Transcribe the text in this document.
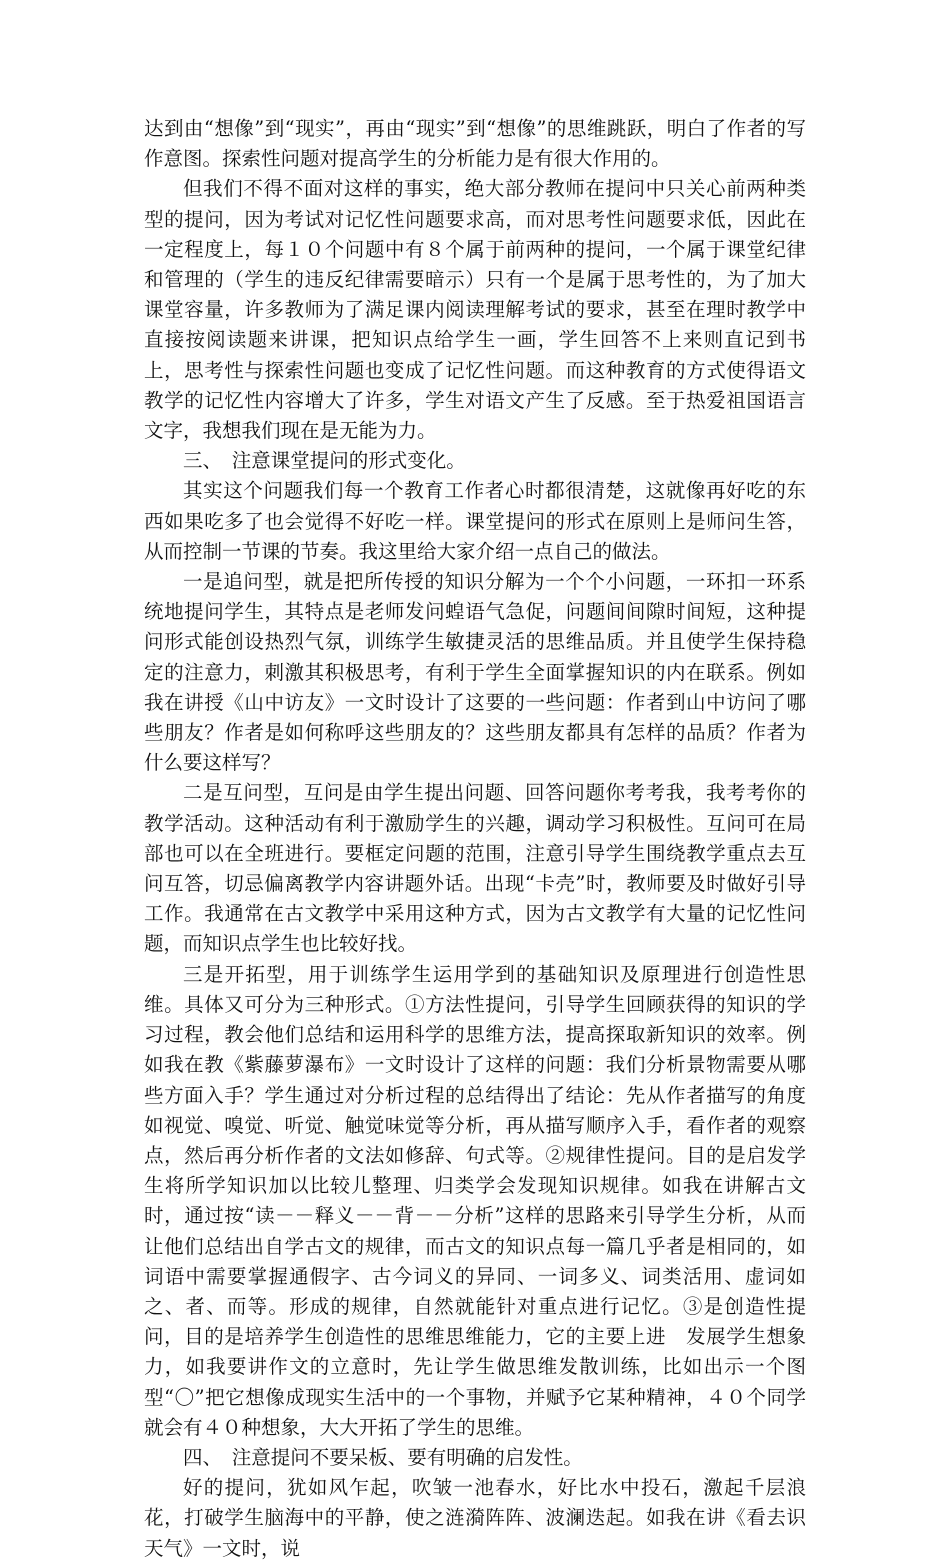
达到由“想像”到“现实”，再由“现实”到“想像”的思维跳跃，明白了作者的写作意图。探索性问题对提高学生的分析能力是有很大作用的。

但我们不得不面对这样的事实，绝大部分教师在提问中只关心前两种类型的提问，因为考试对记忆性问题要求高，而对思考性问题要求低，因此在一定程度上，每１０个问题中有８个属于前两种的提问，一个属于课堂纪律和管理的（学生的违反纪律需要暗示）只有一个是属于思考性的，为了加大课堂容量，许多教师为了满足课内阅读理解考试的要求，甚至在理时教学中直接按阅读题来讲课，把知识点给学生一画，学生回答不上来则直记到书上，思考性与探索性问题也变成了记忆性问题。而这种教育的方式使得语文教学的记忆性内容增大了许多，学生对语文产生了反感。至于热爱祖国语言文字，我想我们现在是无能为力。

三、　注意课堂提问的形式变化。

其实这个问题我们每一个教育工作者心时都很清楚，这就像再好吃的东西如果吃多了也会觉得不好吃一样。课堂提问的形式在原则上是师问生答，从而控制一节课的节奏。我这里给大家介绍一点自己的做法。

一是追问型，就是把所传授的知识分解为一个个小问题，一环扣一环系统地提问学生，其特点是老师发问蝗语气急促，问题间间隙时间短，这种提问形式能创设热烈气氛，训练学生敏捷灵活的思维品质。并且使学生保持稳定的注意力，刺激其积极思考，有利于学生全面掌握知识的内在联系。例如我在讲授《山中访友》一文时设计了这要的一些问题：作者到山中访问了哪些朋友？作者是如何称呼这些朋友的？这些朋友都具有怎样的品质？作者为什么要这样写？

二是互问型，互问是由学生提出问题、回答问题你考考我，我考考你的教学活动。这种活动有利于激励学生的兴趣，调动学习积极性。互问可在局部也可以在全班进行。要框定问题的范围，注意引导学生围绕教学重点去互问互答，切忌偏离教学内容讲题外话。出现“卡壳”时，教师要及时做好引导工作。我通常在古文教学中采用这种方式，因为古文教学有大量的记忆性问题，而知识点学生也比较好找。

三是开拓型，用于训练学生运用学到的基础知识及原理进行创造性思维。具体又可分为三种形式。①方法性提问，引导学生回顾获得的知识的学习过程，教会他们总结和运用科学的思维方法，提高探取新知识的效率。例如我在教《紫藤萝瀑布》一文时设计了这样的问题：我们分析景物需要从哪些方面入手？学生通过对分析过程的总结得出了结论：先从作者描写的角度如视觉、嗅觉、听觉、触觉味觉等分析，再从描写顺序入手，看作者的观察点，然后再分析作者的文法如修辞、句式等。②规律性提问。目的是启发学生将所学知识加以比较儿整理、归类学会发现知识规律。如我在讲解古文时，通过按“读－－释义－－背－－分析”这样的思路来引导学生分析，从而让他们总结出自学古文的规律，而古文的知识点每一篇几乎者是相同的，如词语中需要掌握通假字、古今词义的异同、一词多义、词类活用、虚词如之、者、而等。形成的规律，自然就能针对重点进行记忆。③是创造性提问，目的是培养学生创造性的思维思维能力，它的主要上进　发展学生想象力，如我要讲作文的立意时，先让学生做思维发散训练，比如出示一个图型“〇”把它想像成现实生活中的一个事物，并赋予它某种精神，４０个同学就会有４０种想象，大大开拓了学生的思维。

四、　注意提问不要呆板、要有明确的启发性。

好的提问，犹如风乍起，吹皱一池春水，好比水中投石，激起千层浪花，打破学生脑海中的平静，使之涟漪阵阵、波澜迭起。如我在讲《看去识天气》一文时，说
